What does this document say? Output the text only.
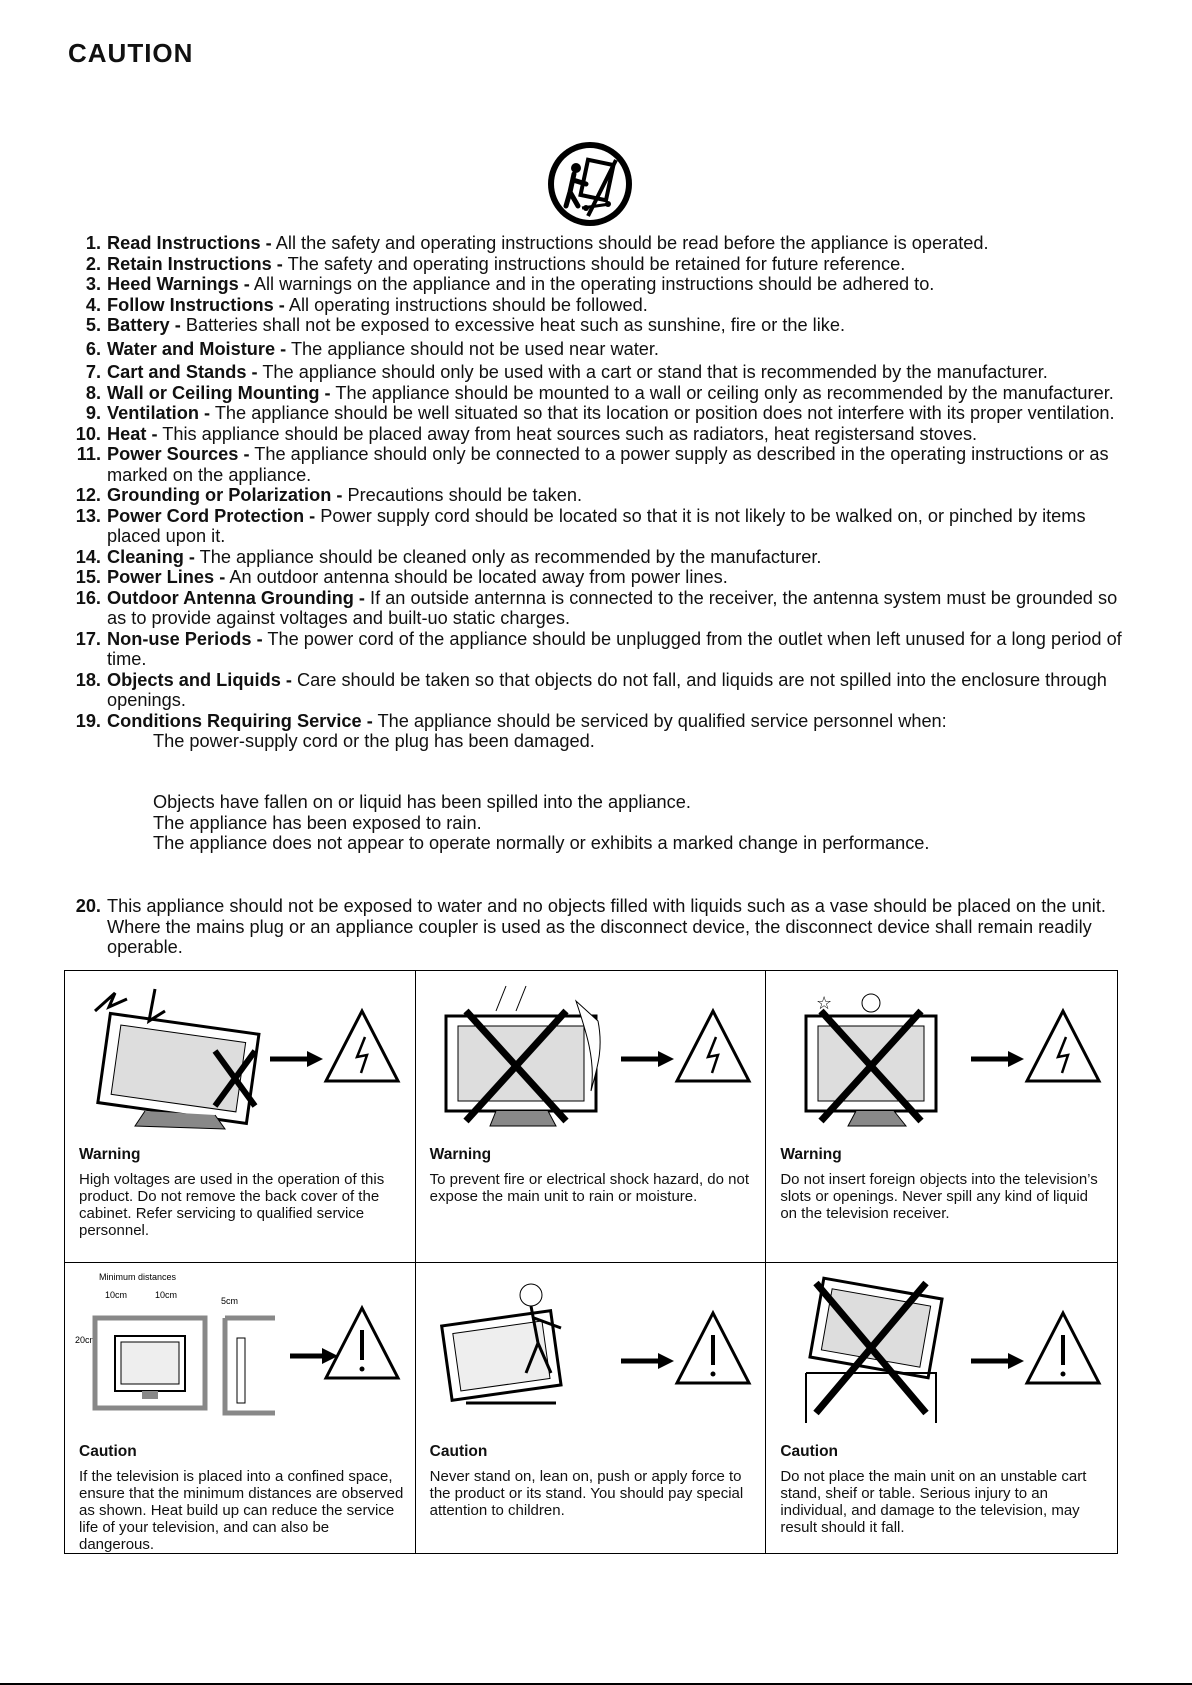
CAUTION
1. Read Instructions - All the safety and operating instructions should be read before the appliance is operated.
2. Retain Instructions - The safety and operating instructions should be retained for future reference.
3. Heed Warnings - All warnings on the appliance and in the operating instructions should be adhered to.
4. Follow Instructions - All operating instructions should be followed.
5. Battery - Batteries shall not be exposed to excessive heat such as sunshine, fire or the like.
6. Water and Moisture - The appliance should not be used near water.
7. Cart and Stands - The appliance should only be used with a cart or stand that is recommended by the manufacturer.
8. Wall or Ceiling Mounting - The appliance should be mounted to a wall or ceiling only as recommended by the manufacturer.
9. Ventilation - The appliance should be well situated so that its location or position does not interfere with its proper ventilation.
10. Heat - This appliance should be placed away from heat sources such as radiators, heat registersand stoves.
11. Power Sources - The appliance should only be connected to a power supply as described in the operating instructions or as marked on the appliance.
12. Grounding or Polarization - Precautions should be taken.
13. Power Cord Protection - Power supply cord should be located so that it is not likely to be walked on, or pinched by items placed upon it.
14. Cleaning - The appliance should be cleaned only as recommended by the manufacturer.
15. Power Lines - An outdoor antenna should be located away from power lines.
16. Outdoor Antenna Grounding - If an outside anternna is connected to the receiver, the antenna system must be grounded so as to provide against voltages and built-uo static charges.
17. Non-use Periods - The power cord of the appliance should be unplugged from the outlet when left unused for a long period of time.
18. Objects and Liquids - Care should be taken so that objects do not fall, and liquids are not spilled into the enclosure through openings.
19. Conditions Requiring Service - The appliance should be serviced by qualified service personnel when:
The power-supply cord or the plug has been damaged.
Objects have fallen on or liquid has been spilled into the appliance.
The appliance has been exposed to rain.
The appliance does not appear to operate normally or exhibits a marked change in performance.
20. This appliance should not be exposed to water and no objects filled with liquids such as a vase should be placed on the unit. Where the mains plug or an appliance coupler is used as the disconnect device, the disconnect device shall remain readily operable.
Warning
High voltages are used in the operation of this product. Do not remove the back cover of the cabinet. Refer servicing to qualified service personnel.
Warning
To prevent fire or electrical shock hazard, do not expose the main unit to rain or moisture.
☆
Warning
Do not insert foreign objects into the television’s slots or openings. Never spill any kind of liquid on the television receiver.
Minimum distances
10cm	10cm
5cm
20cm
Caution
If the television is placed into a confined space, ensure that the minimum distances are observed as shown. Heat build up can reduce the service life of your television, and can also be dangerous.
Caution
Never stand on, lean on, push or apply force to the product or its stand. You should pay special attention to children.
Caution
Do not place the main unit on an unstable cart stand, sheif or table. Serious injury to an individual, and damage to the television, may result should it fall.
